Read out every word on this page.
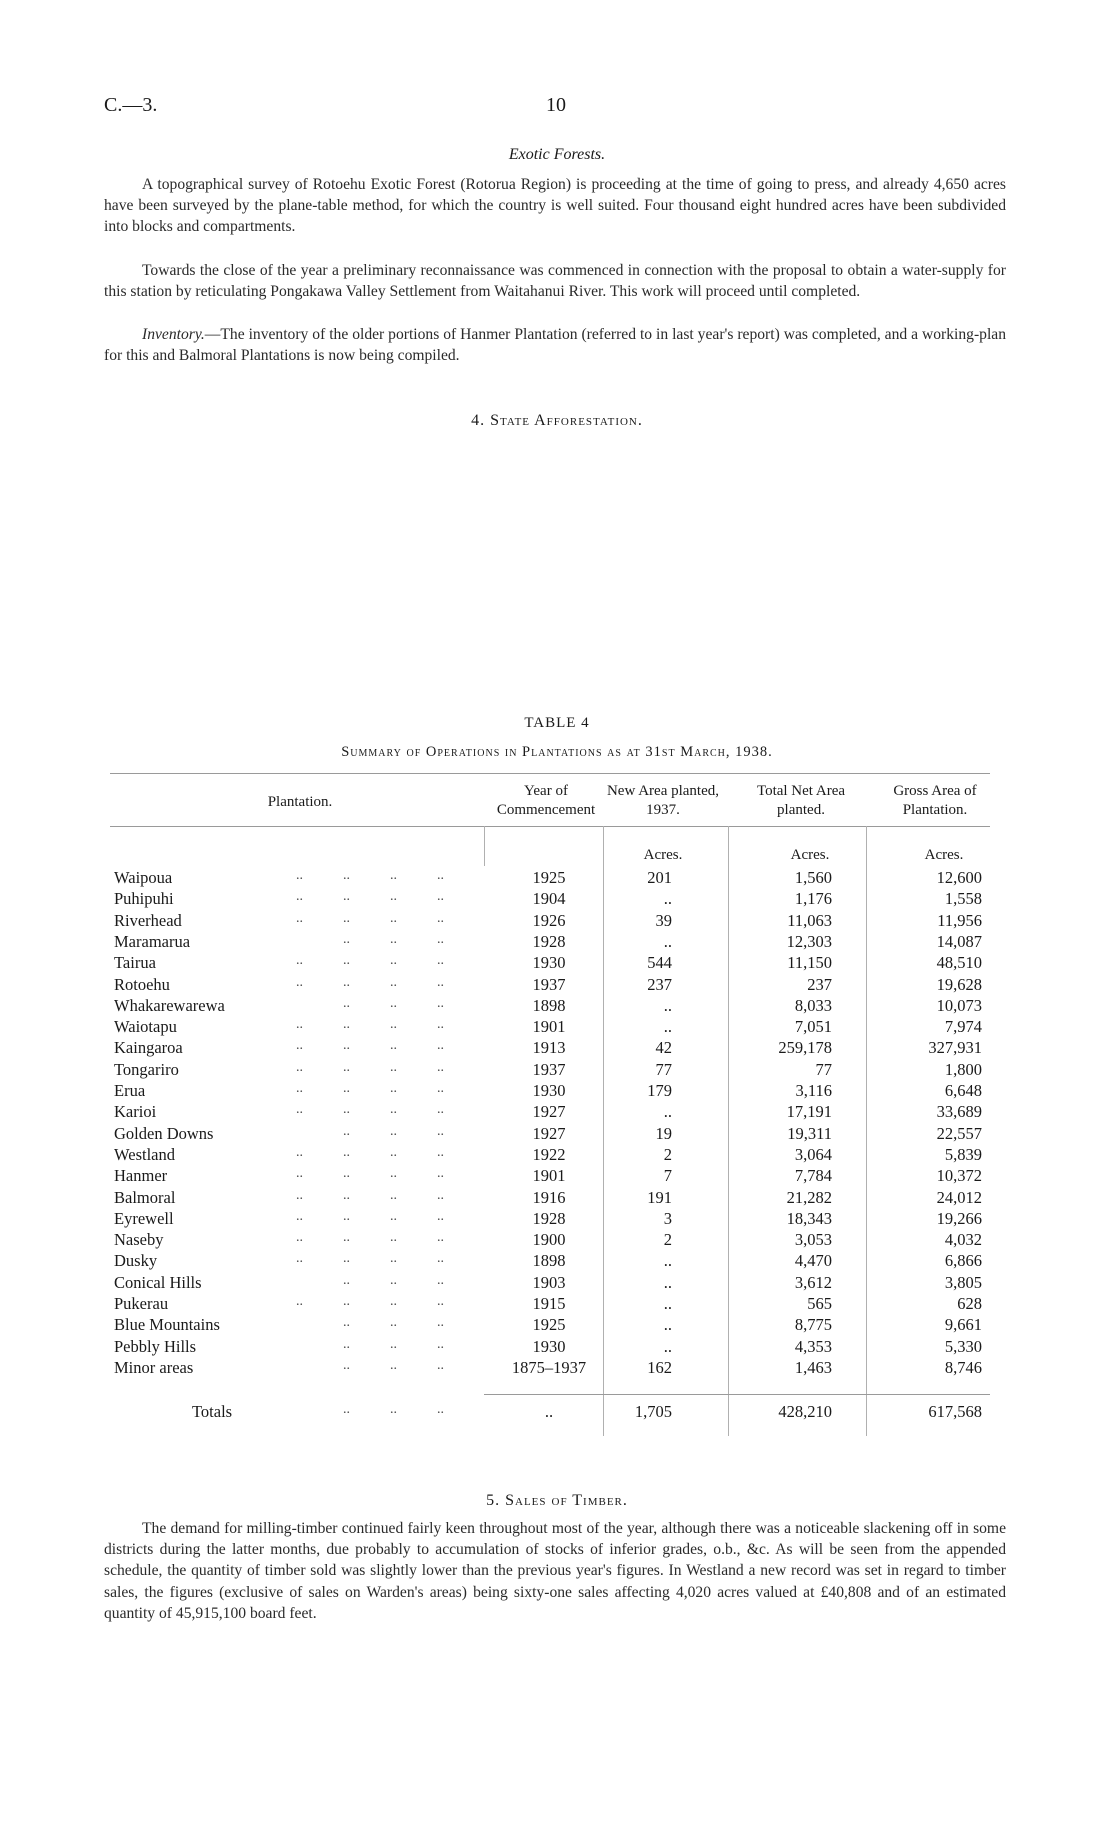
C.—3.	10
Exotic Forests.
A topographical survey of Rotoehu Exotic Forest (Rotorua Region) is proceeding at the time of going to press, and already 4,650 acres have been surveyed by the plane-table method, for which the country is well suited. Four thousand eight hundred acres have been subdivided into blocks and compartments.
Towards the close of the year a preliminary reconnaissance was commenced in connection with the proposal to obtain a water-supply for this station by reticulating Pongakawa Valley Settlement from Waitahanui River. This work will proceed until completed.
Inventory.—The inventory of the older portions of Hanmer Plantation (referred to in last year's report) was completed, and a working-plan for this and Balmoral Plantations is now being compiled.
4. State Afforestation.
TABLE 4
Summary of Operations in Plantations as at 31st March, 1938.
Plantation.
Year of Commencement
New Area planted, 1937.
Total Net Area planted.
Gross Area of Plantation.
Acres.	Acres.	Acres.
Waipoua	..	..	..	..	1925	201	1,560	12,600
Puhipuhi	..	..	..	..	1904	..	1,176	1,558
Riverhead	..	..	..	..	1926	39	11,063	11,956
Maramarua	..	..	..	1928	..	12,303	14,087
Tairua	..	..	..	..	1930	544	11,150	48,510
Rotoehu	..	..	..	..	1937	237	237	19,628
Whakarewarewa	..	..	..	1898	..	8,033	10,073
Waiotapu	..	..	..	..	1901	..	7,051	7,974
Kaingaroa	..	..	..	..	1913	42	259,178	327,931
Tongariro	..	..	..	..	1937	77	77	1,800
Erua	..	..	..	..	1930	179	3,116	6,648
Karioi	..	..	..	..	1927	..	17,191	33,689
Golden Downs	..	..	..	1927	19	19,311	22,557
Westland	..	..	..	..	1922	2	3,064	5,839
Hanmer	..	..	..	..	1901	7	7,784	10,372
Balmoral	..	..	..	..	1916	191	21,282	24,012
Eyrewell	..	..	..	..	1928	3	18,343	19,266
Naseby	..	..	..	..	1900	2	3,053	4,032
Dusky	..	..	..	..	1898	..	4,470	6,866
Conical Hills	..	..	..	1903	..	3,612	3,805
Pukerau	..	..	..	..	1915	..	565	628
Blue Mountains	..	..	..	1925	..	8,775	9,661
Pebbly Hills	..	..	..	1930	..	4,353	5,330
Minor areas	..	..	..	1875–1937	162	1,463	8,746
Totals	..	..	..	..	1,705	428,210	617,568
5. Sales of Timber.
The demand for milling-timber continued fairly keen throughout most of the year, although there was a noticeable slackening off in some districts during the latter months, due probably to accumulation of stocks of inferior grades, o.b., &c. As will be seen from the appended schedule, the quantity of timber sold was slightly lower than the previous year's figures. In Westland a new record was set in regard to timber sales, the figures (exclusive of sales on Warden's areas) being sixty-one sales affecting 4,020 acres valued at £40,808 and of an estimated quantity of 45,915,100 board feet.
